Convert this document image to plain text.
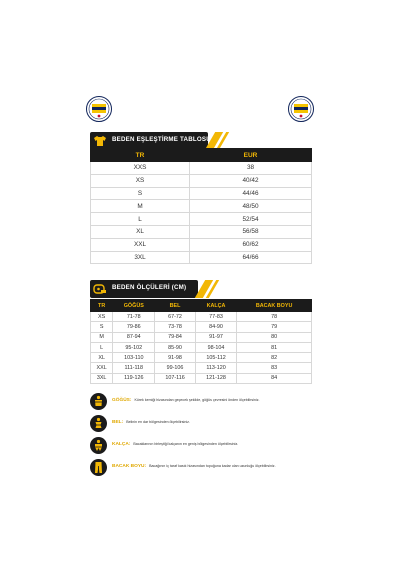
BEDEN EŞLEŞTİRME TABLOSU
TR	EUR
XXS	38
XS	40/42
S	44/46
M	48/50
L	52/54
XL	56/58
XXL	60/62
3XL	64/66
BEDEN ÖLÇÜLERİ (CM)
TR	GÖĞÜS	BEL	KALÇA	BACAK BOYU
XS	71-78	67-72	77-83	78
S	79-86	73-78	84-90	79
M	87-94	79-84	91-97	80
L	95-102	85-90	98-104	81
XL	103-110	91-98	105-112	82
XXL	111-118	99-106	113-120	83
3XL	119-126	107-116	121-128	84
GÖĞÜS: Kürek kemiği hizasından geçecek şekilde, göğüs çevresini önden ölçebilirsiniz.
BEL: Belinin en dar bölgesinden ölçebilirsiniz.
KALÇA: Bacaklarının birleştiği kalçanın en geniş bölgesinden ölçebilirsiniz.
BACAK BOYU: Bacağının iç taraf kasık hizasından topuğuna kadar olan uzunluğu ölçebilirsiniz.
